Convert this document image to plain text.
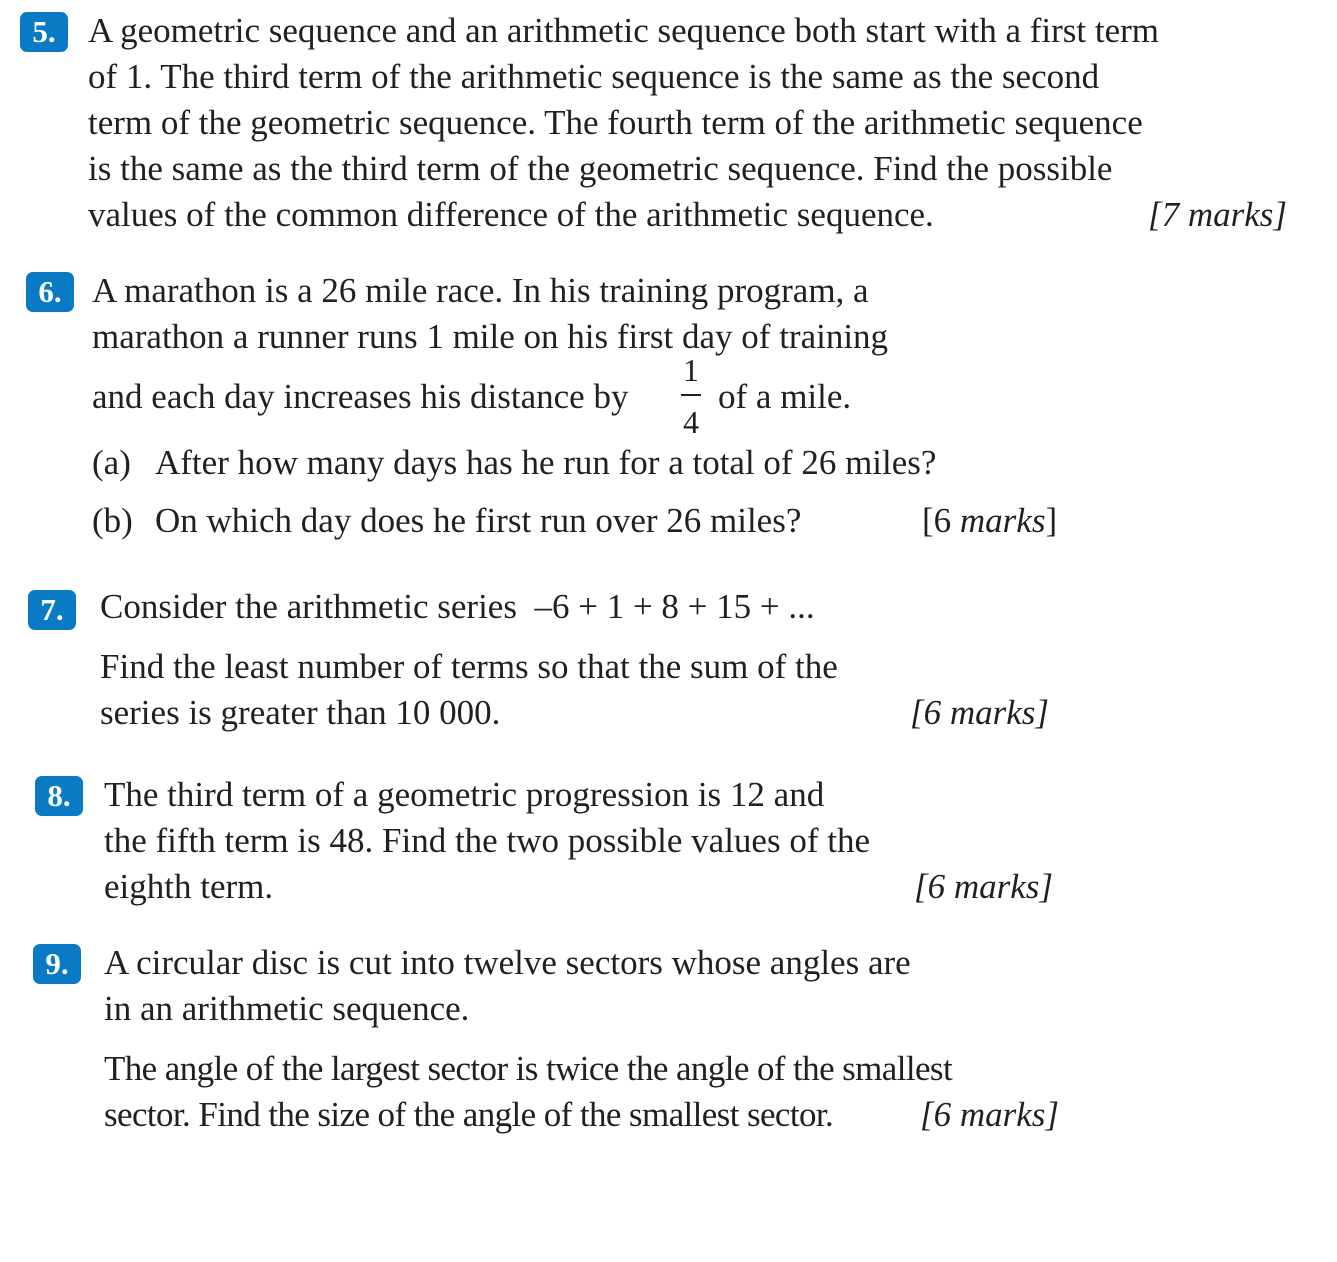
5. A geometric sequence and an arithmetic sequence both start with a first term
of 1. The third term of the arithmetic sequence is the same as the second
term of the geometric sequence. The fourth term of the arithmetic sequence
is the same as the third term of the geometric sequence. Find the possible
values of the common difference of the arithmetic sequence.	[7 marks]
6. A marathon is a 26 mile race. In his training program, a
marathon a runner runs 1 mile on his first day of training
and each day increases his distance by
1
4
of a mile.
(a) After how many days has he run for a total of 26 miles?
(b) On which day does he first run over 26 miles?	[6 marks]
7.	Consider the arithmetic series  –6 + 1 + 8 + 15 + ...
Find the least number of terms so that the sum of the
series is greater than 10 000.	[6 marks]
8. The third term of a geometric progression is 12 and
the fifth term is 48. Find the two possible values of the
eighth term.	[6 marks]
9.	A circular disc is cut into twelve sectors whose angles are
in an arithmetic sequence.
The angle of the largest sector is twice the angle of the smallest
sector. Find the size of the angle of the smallest sector. [6 marks]
